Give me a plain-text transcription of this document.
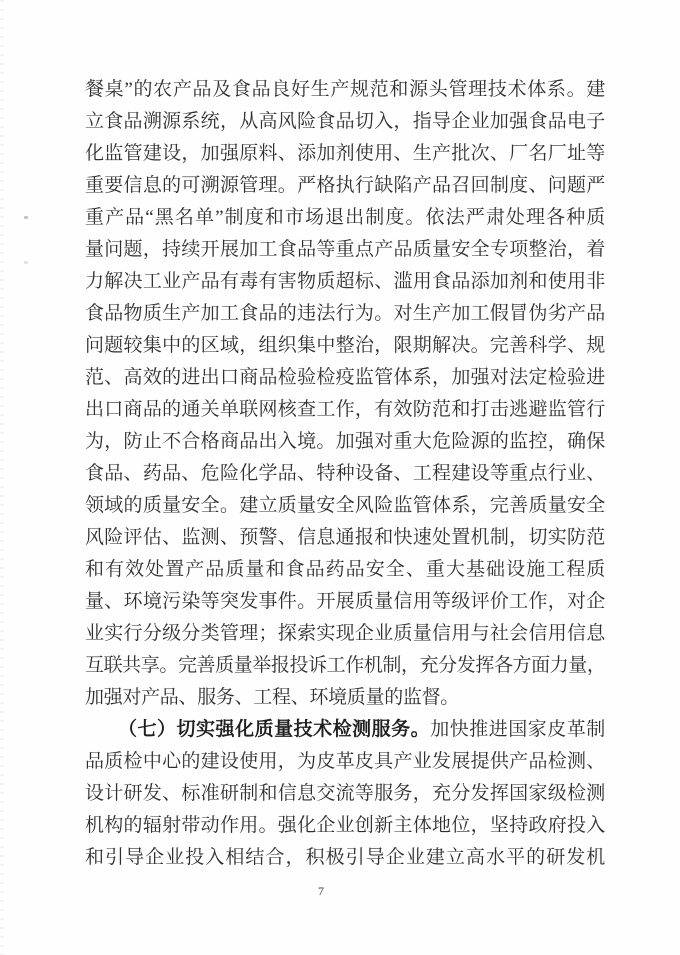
餐桌”的农产品及食品良好生产规范和源头管理技术体系。建
立食品溯源系统，从高风险食品切入，指导企业加强食品电子
化监管建设，加强原料、添加剂使用、生产批次、厂名厂址等
重要信息的可溯源管理。严格执行缺陷产品召回制度、问题严
重产品“黑名单”制度和市场退出制度。依法严肃处理各种质
量问题，持续开展加工食品等重点产品质量安全专项整治，着
力解决工业产品有毒有害物质超标、滥用食品添加剂和使用非
食品物质生产加工食品的违法行为。对生产加工假冒伪劣产品
问题较集中的区域，组织集中整治，限期解决。完善科学、规
范、高效的进出口商品检验检疫监管体系，加强对法定检验进
出口商品的通关单联网核查工作，有效防范和打击逃避监管行
为，防止不合格商品出入境。加强对重大危险源的监控，确保
食品、药品、危险化学品、特种设备、工程建设等重点行业、
领域的质量安全。建立质量安全风险监管体系，完善质量安全
风险评估、监测、预警、信息通报和快速处置机制，切实防范
和有效处置产品质量和食品药品安全、重大基础设施工程质
量、环境污染等突发事件。开展质量信用等级评价工作，对企
业实行分级分类管理；探索实现企业质量信用与社会信用信息
互联共享。完善质量举报投诉工作机制，充分发挥各方面力量，
加强对产品、服务、工程、环境质量的监督。
（七）切实强化质量技术检测服务。加快推进国家皮革制
品质检中心的建设使用，为皮革皮具产业发展提供产品检测、
设计研发、标准研制和信息交流等服务，充分发挥国家级检测
机构的辐射带动作用。强化企业创新主体地位，坚持政府投入
和引导企业投入相结合，积极引导企业建立高水平的研发机
7
